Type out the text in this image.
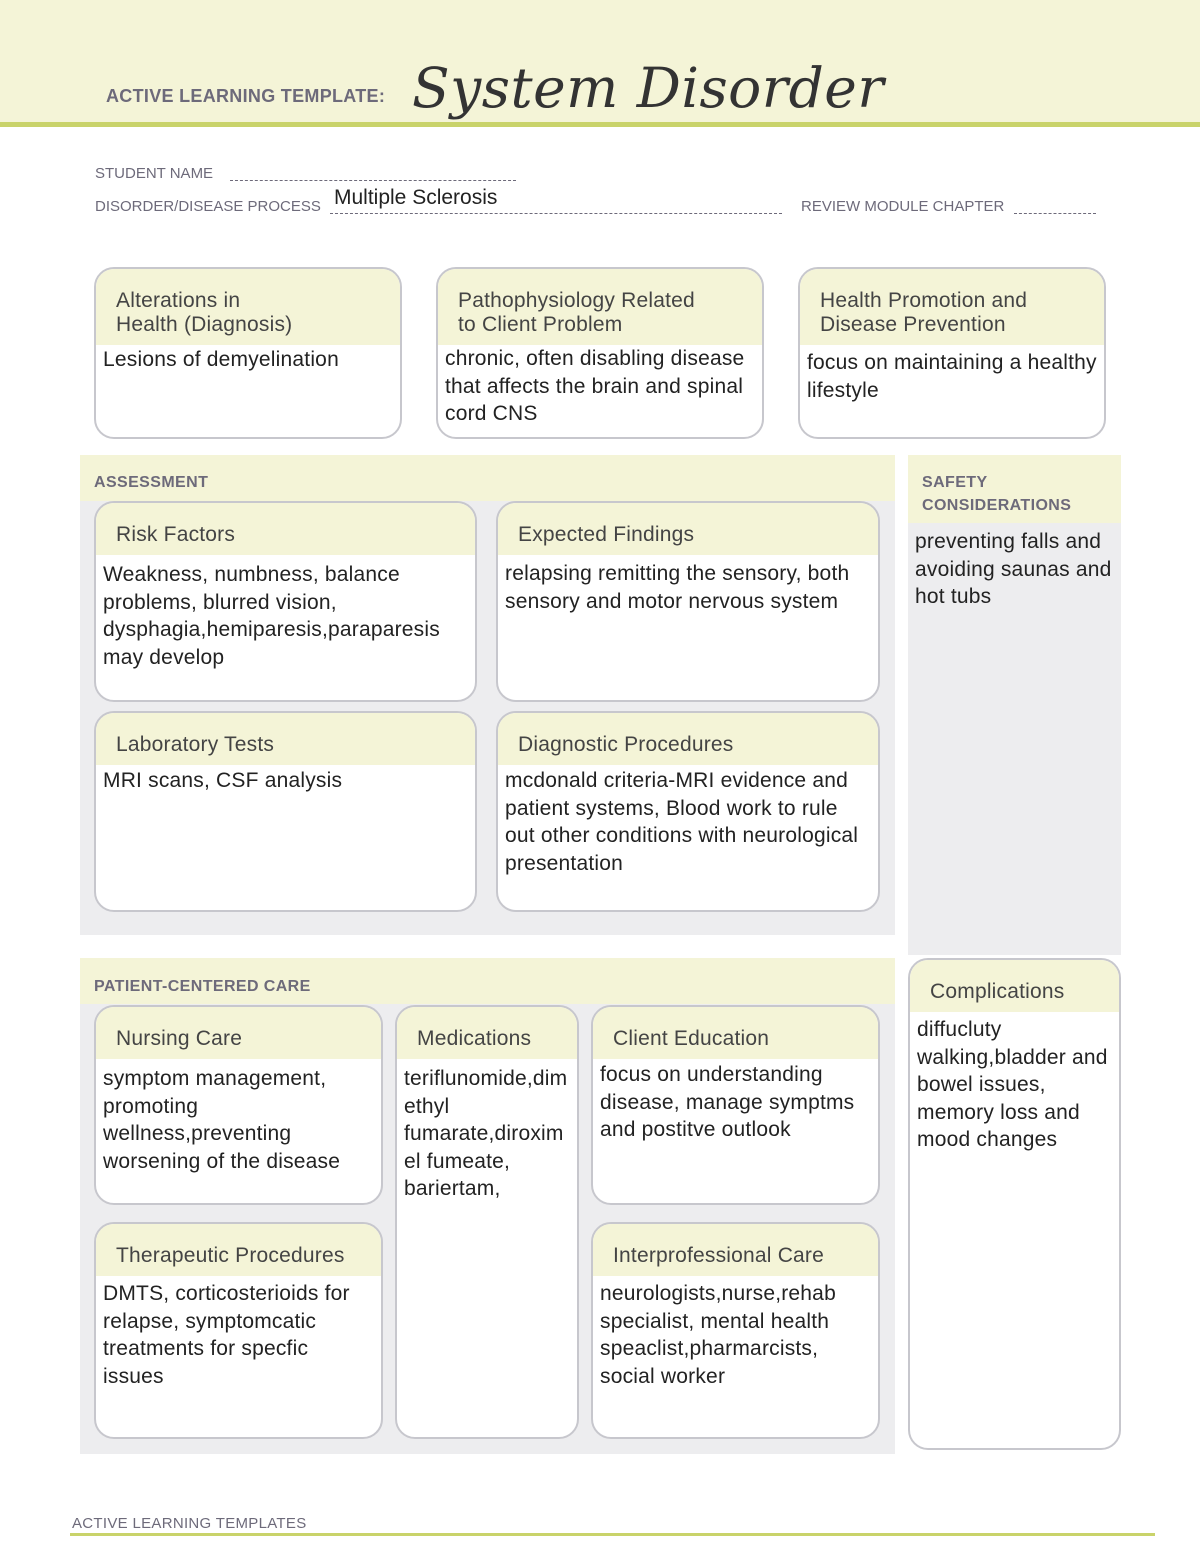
ACTIVE LEARNING TEMPLATE: System Disorder
STUDENT NAME
DISORDER/DISEASE PROCESS Multiple Sclerosis	REVIEW MODULE CHAPTER
Alterations in
Health (Diagnosis)
Lesions of demyelination
Pathophysiology Related
to Client Problem
chronic, often disabling disease that affects the brain and spinal cord CNS
Health Promotion and
Disease Prevention
focus on maintaining a healthy lifestyle
ASSESSMENT
Risk Factors
Weakness, numbness, balance problems, blurred vision, dysphagia,hemiparesis,paraparesis may develop
Expected Findings
relapsing remitting the sensory, both sensory and motor nervous system
Laboratory Tests
MRI scans, CSF analysis
Diagnostic Procedures
mcdonald criteria-MRI evidence and patient systems, Blood work to rule out other conditions with neurological presentation
SAFETY
CONSIDERATIONS
preventing falls and avoiding saunas and hot tubs
PATIENT-CENTERED CARE
Nursing Care
symptom management, promoting wellness,preventing worsening of the disease
Medications
teriflunomide,dimethyl fumarate,diroximel fumeate, bariertam,
Client Education
focus on understanding disease, manage symptms and postitve outlook
Therapeutic Procedures
DMTS, corticosterioids for relapse, symptomcatic treatments for specfic issues
Interprofessional Care
neurologists,nurse,rehab specialist, mental health speaclist,pharmarcists, social worker
Complications
diffucluty walking,bladder and bowel issues, memory loss and mood changes
ACTIVE LEARNING TEMPLATES
